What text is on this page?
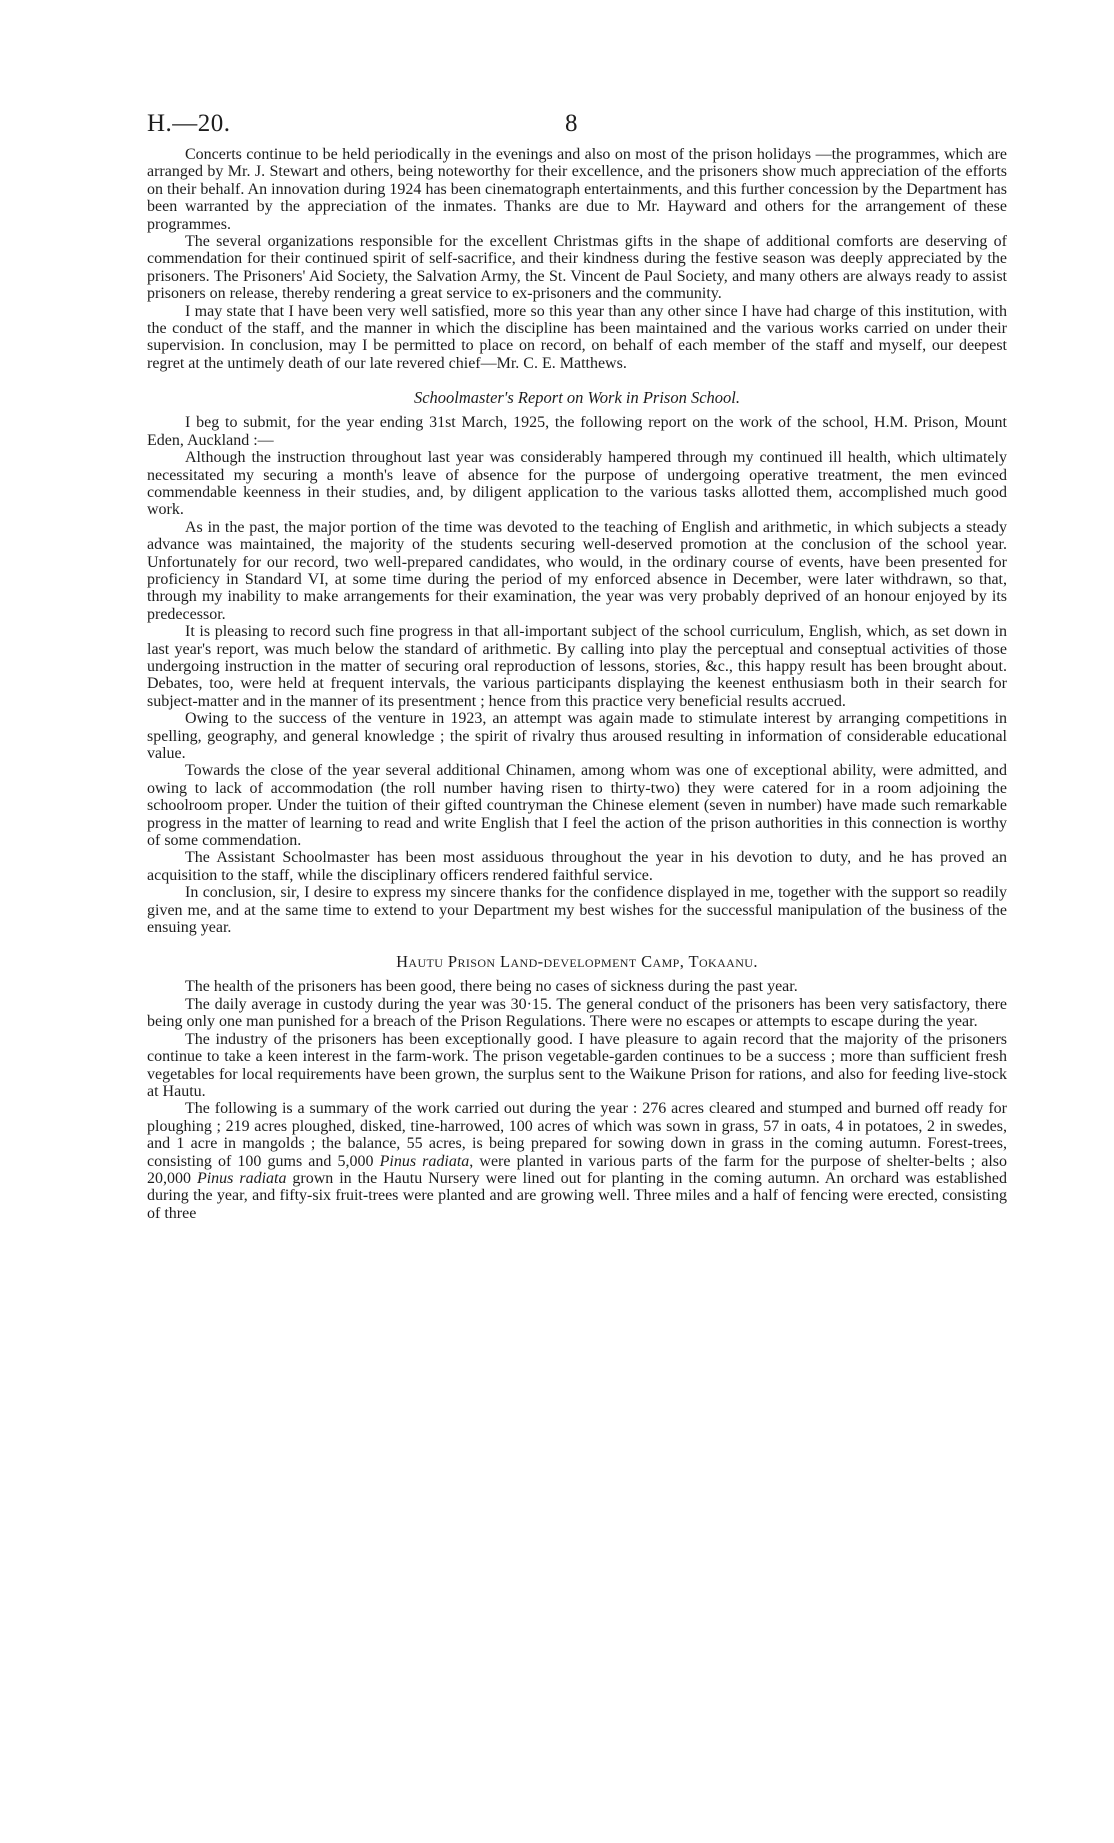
H.—20.	8

Concerts continue to be held periodically in the evenings and also on most of the prison holidays —the programmes, which are arranged by Mr. J. Stewart and others, being noteworthy for their excellence, and the prisoners show much appreciation of the efforts on their behalf. An innovation during 1924 has been cinematograph entertainments, and this further concession by the Department has been warranted by the appreciation of the inmates. Thanks are due to Mr. Hayward and others for the arrangement of these programmes.

The several organizations responsible for the excellent Christmas gifts in the shape of additional comforts are deserving of commendation for their continued spirit of self-sacrifice, and their kindness during the festive season was deeply appreciated by the prisoners. The Prisoners' Aid Society, the Salvation Army, the St. Vincent de Paul Society, and many others are always ready to assist prisoners on release, thereby rendering a great service to ex-prisoners and the community.

I may state that I have been very well satisfied, more so this year than any other since I have had charge of this institution, with the conduct of the staff, and the manner in which the discipline has been maintained and the various works carried on under their supervision. In conclusion, may I be permitted to place on record, on behalf of each member of the staff and myself, our deepest regret at the untimely death of our late revered chief—Mr. C. E. Matthews.

Schoolmaster's Report on Work in Prison School.

I beg to submit, for the year ending 31st March, 1925, the following report on the work of the school, H.M. Prison, Mount Eden, Auckland :—

Although the instruction throughout last year was considerably hampered through my continued ill health, which ultimately necessitated my securing a month's leave of absence for the purpose of undergoing operative treatment, the men evinced commendable keenness in their studies, and, by diligent application to the various tasks allotted them, accomplished much good work.

As in the past, the major portion of the time was devoted to the teaching of English and arithmetic, in which subjects a steady advance was maintained, the majority of the students securing well-deserved promotion at the conclusion of the school year. Unfortunately for our record, two well-prepared candidates, who would, in the ordinary course of events, have been presented for proficiency in Standard VI, at some time during the period of my enforced absence in December, were later withdrawn, so that, through my inability to make arrangements for their examination, the year was very probably deprived of an honour enjoyed by its predecessor.

It is pleasing to record such fine progress in that all-important subject of the school curriculum, English, which, as set down in last year's report, was much below the standard of arithmetic. By calling into play the perceptual and conseptual activities of those undergoing instruction in the matter of securing oral reproduction of lessons, stories, &c., this happy result has been brought about. Debates, too, were held at frequent intervals, the various participants displaying the keenest enthusiasm both in their search for subject-matter and in the manner of its presentment ; hence from this practice very beneficial results accrued.

Owing to the success of the venture in 1923, an attempt was again made to stimulate interest by arranging competitions in spelling, geography, and general knowledge ; the spirit of rivalry thus aroused resulting in information of considerable educational value.

Towards the close of the year several additional Chinamen, among whom was one of exceptional ability, were admitted, and owing to lack of accommodation (the roll number having risen to thirty-two) they were catered for in a room adjoining the schoolroom proper. Under the tuition of their gifted countryman the Chinese element (seven in number) have made such remarkable progress in the matter of learning to read and write English that I feel the action of the prison authorities in this connection is worthy of some commendation.

The Assistant Schoolmaster has been most assiduous throughout the year in his devotion to duty, and he has proved an acquisition to the staff, while the disciplinary officers rendered faithful service.

In conclusion, sir, I desire to express my sincere thanks for the confidence displayed in me, together with the support so readily given me, and at the same time to extend to your Department my best wishes for the successful manipulation of the business of the ensuing year.

Hautu Prison Land-development Camp, Tokaanu.

The health of the prisoners has been good, there being no cases of sickness during the past year.

The daily average in custody during the year was 30·15. The general conduct of the prisoners has been very satisfactory, there being only one man punished for a breach of the Prison Regulations. There were no escapes or attempts to escape during the year.

The industry of the prisoners has been exceptionally good. I have pleasure to again record that the majority of the prisoners continue to take a keen interest in the farm-work. The prison vegetable-garden continues to be a success ; more than sufficient fresh vegetables for local requirements have been grown, the surplus sent to the Waikune Prison for rations, and also for feeding live-stock at Hautu.

The following is a summary of the work carried out during the year : 276 acres cleared and stumped and burned off ready for ploughing ; 219 acres ploughed, disked, tine-harrowed, 100 acres of which was sown in grass, 57 in oats, 4 in potatoes, 2 in swedes, and 1 acre in mangolds ; the balance, 55 acres, is being prepared for sowing down in grass in the coming autumn. Forest-trees, consisting of 100 gums and 5,000 Pinus radiata, were planted in various parts of the farm for the purpose of shelter-belts ; also 20,000 Pinus radiata grown in the Hautu Nursery were lined out for planting in the coming autumn. An orchard was established during the year, and fifty-six fruit-trees were planted and are growing well. Three miles and a half of fencing were erected, consisting of three
